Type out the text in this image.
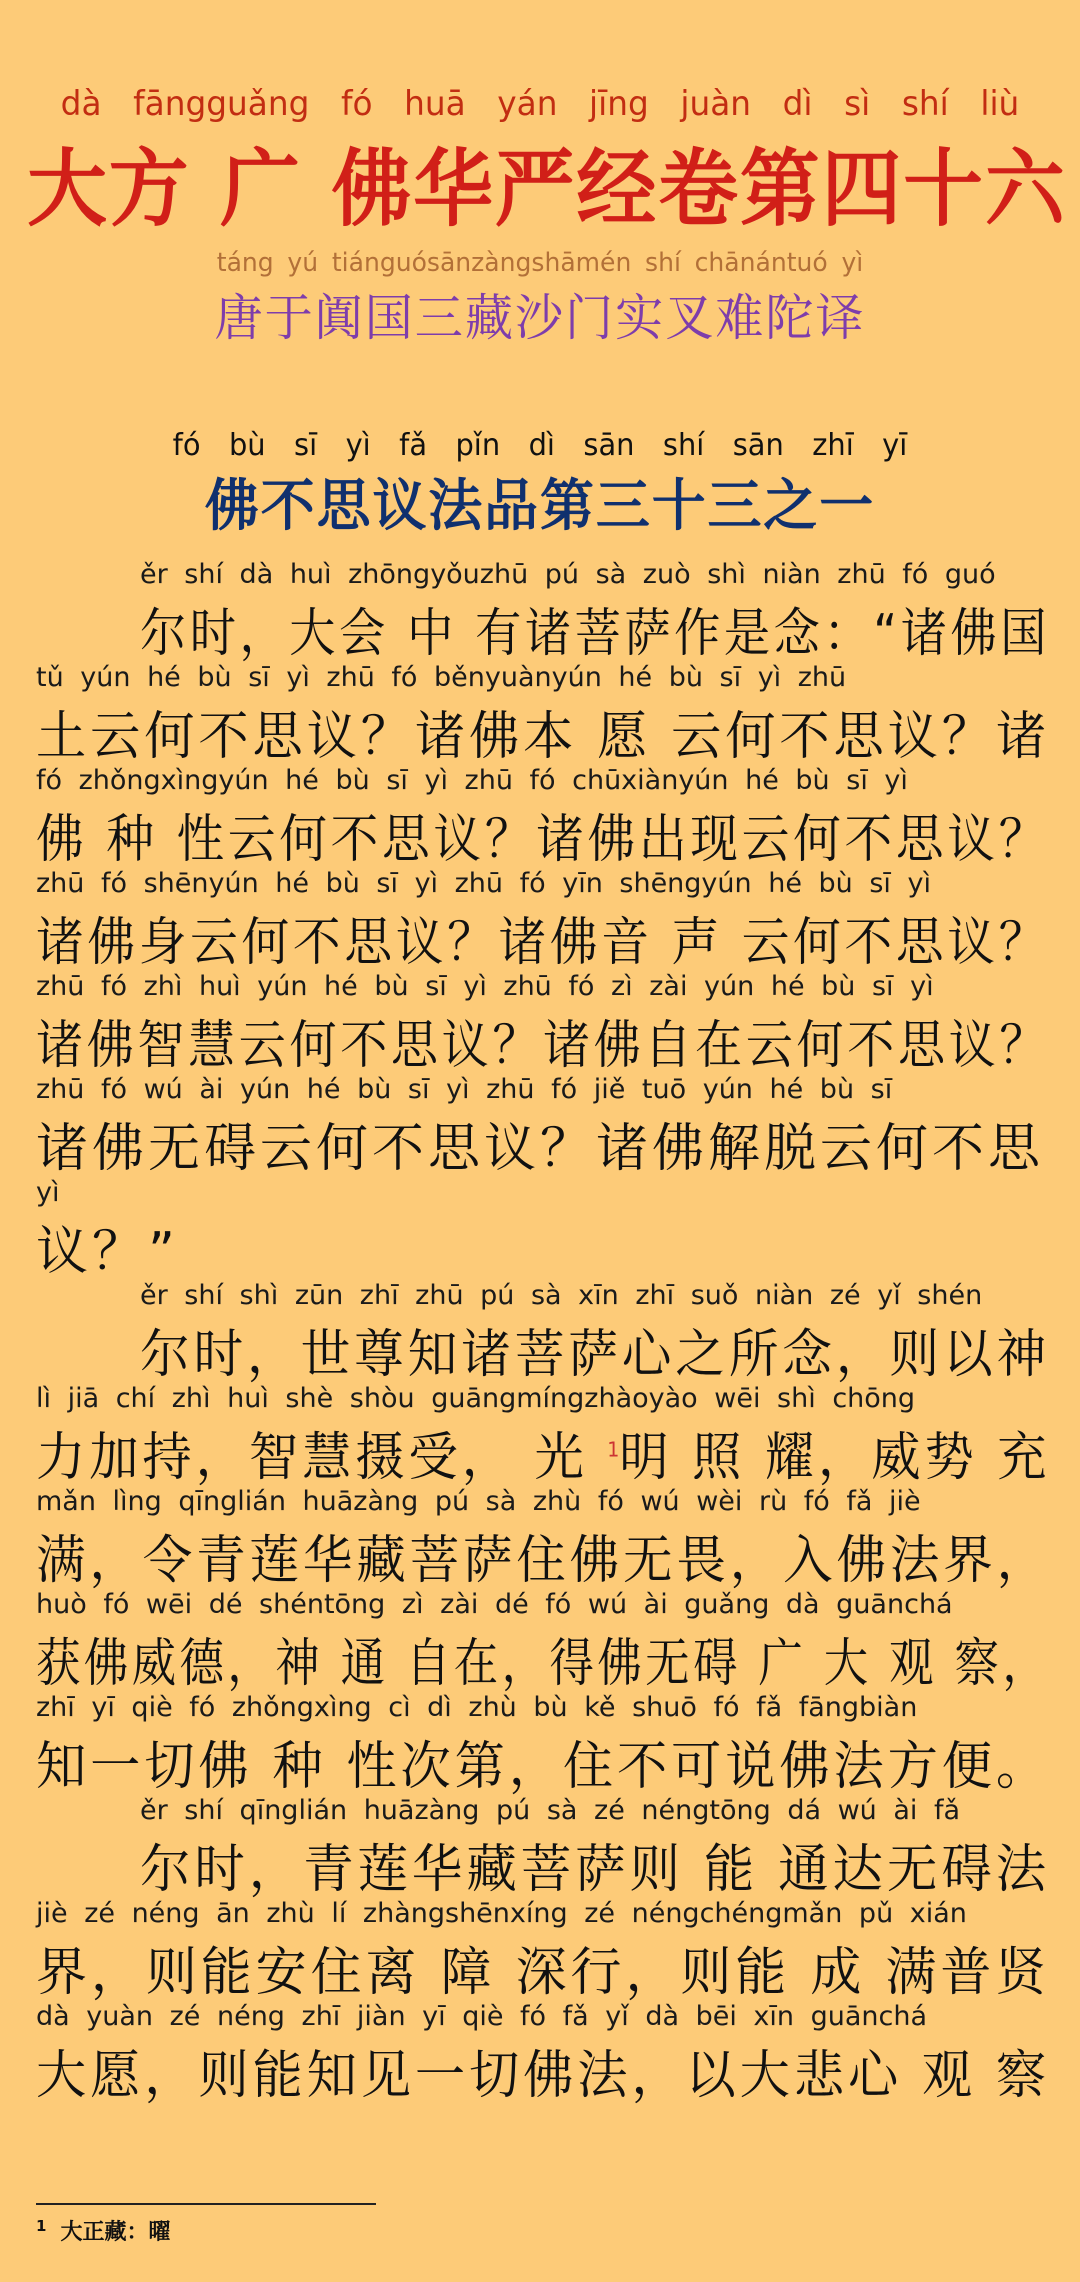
dà fāngguǎng fó huā yán jīng juàn dì sì shí liù
大方 广 佛华严经卷第四十六
táng yú tiánguósānzàngshāmén shí chānántuó yì
唐于阗国三藏沙门实叉难陀译
fó bù sī yì fǎ pǐn dì sān shí sān zhī yī
佛不思议法品第三十三之一
ěr shí dà huì zhōngyǒuzhū pú sà zuò shì niàn zhū fó guó
尔时，大会 中 有诸菩萨作是念：“诸佛国
tǔ yún hé bù sī yì zhū fó běnyuànyún hé bù sī yì zhū
土云何不思议？诸佛本 愿 云何不思议？诸
fó zhǒngxìngyún hé bù sī yì zhū fó chūxiànyún hé bù sī yì
佛 种 性云何不思议？诸佛出现云何不思议？
zhū fó shēnyún hé bù sī yì zhū fó yīn shēngyún hé bù sī yì
诸佛身云何不思议？诸佛音 声 云何不思议？
zhū fó zhì huì yún hé bù sī yì zhū fó zì zài yún hé bù sī yì
诸佛智慧云何不思议？诸佛自在云何不思议？
zhū fó wú ài yún hé bù sī yì zhū fó jiě tuō yún hé bù sī
诸佛无碍云何不思议？诸佛解脱云何不思
yì
议？”
ěr shí shì zūn zhī zhū pú sà xīn zhī suǒ niàn zé yǐ shén
尔时，世尊知诸菩萨心之所念，则以神
lì jiā chí zhì huì shè shòu guāngmíngzhàoyào wēi shì chōng
力加持，智慧摄受， 光 $^1$明 照 耀，威势 充
mǎn lìng qīnglián huāzàng pú sà zhù fó wú wèi rù fó fǎ jiè
满，令青莲华藏菩萨住佛无畏，入佛法界，
huò fó wēi dé shéntōng zì zài dé fó wú ài guǎng dà guānchá
获佛威德，神 通 自在，得佛无碍 广 大 观 察，
zhī yī qiè fó zhǒngxìng cì dì zhù bù kě shuō fó fǎ fāngbiàn
知一切佛 种 性次第，住不可说佛法方便。
ěr shí qīnglián huāzàng pú sà zé néngtōng dá wú ài fǎ
尔时，青莲华藏菩萨则 能 通达无碍法
jiè zé néng ān zhù lí zhàngshēnxíng zé néngchéngmǎn pǔ xián
界，则能安住离 障 深行，则能 成 满普贤
dà yuàn zé néng zhī jiàn yī qiè fó fǎ yǐ dà bēi xīn guānchá
大愿，则能知见一切佛法，以大悲心 观 察
$^1$ 大正藏：曜
